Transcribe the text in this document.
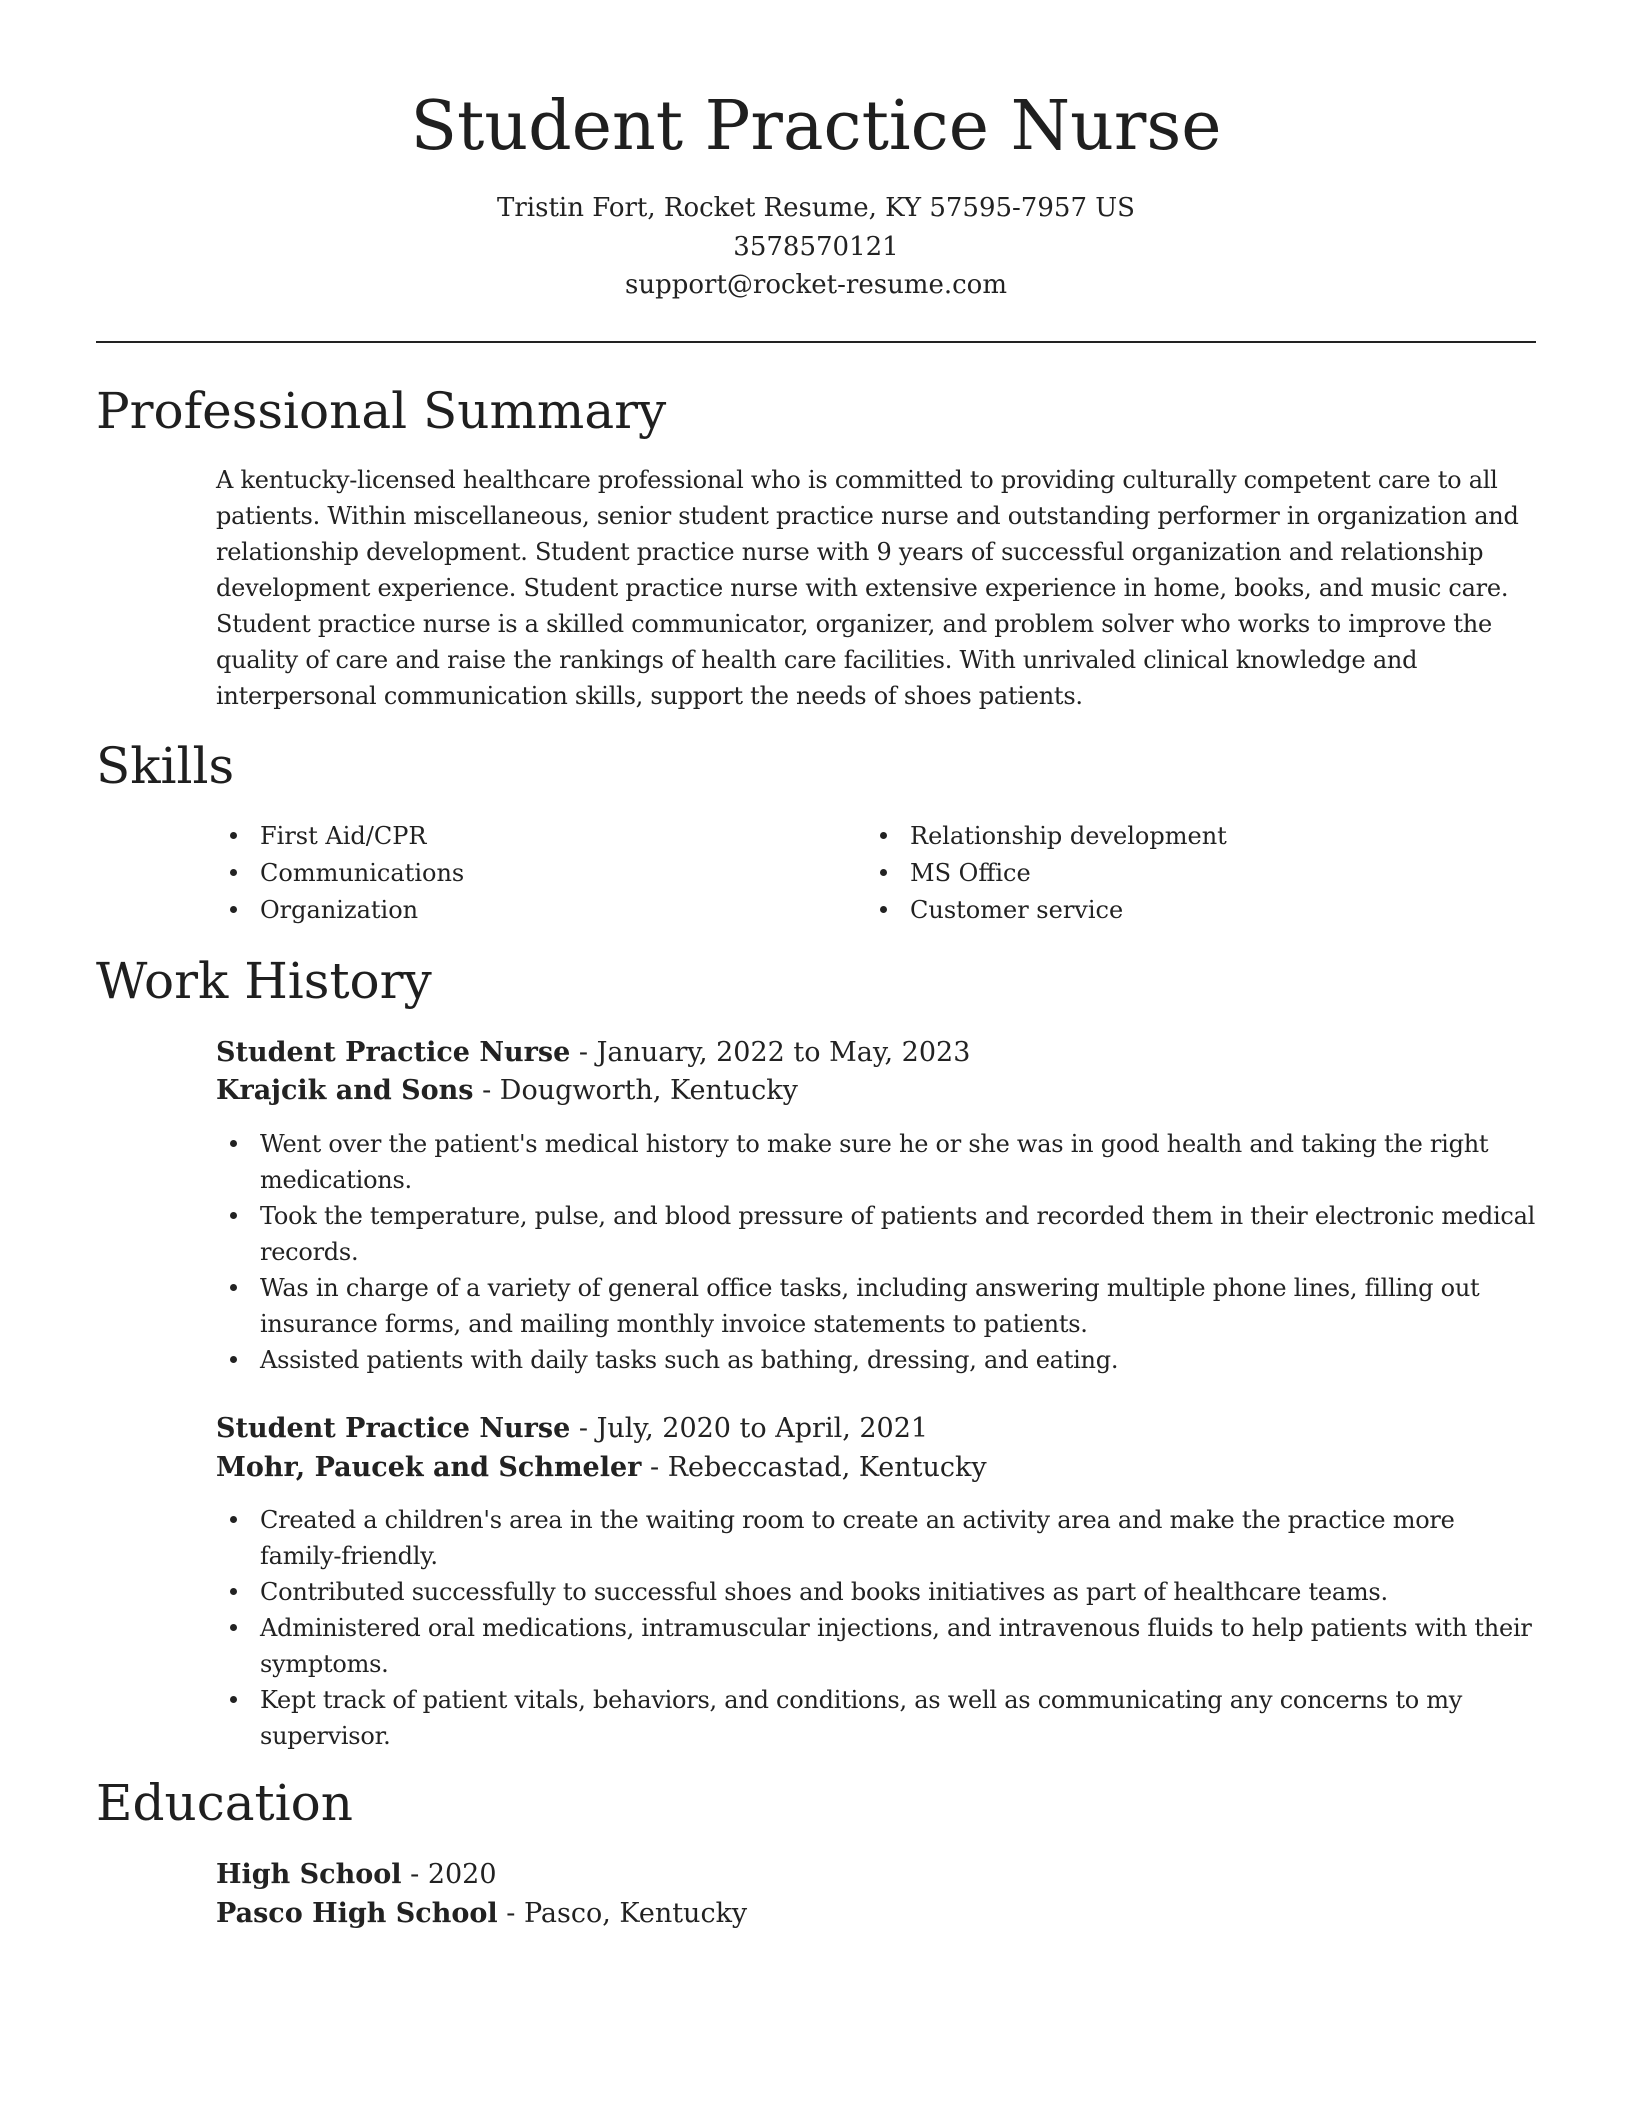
Student Practice Nurse
Tristin Fort, Rocket Resume, KY 57595-7957 US
3578570121
support@rocket-resume.com
Professional Summary

A kentucky-licensed healthcare professional who is committed to providing culturally competent care to all patients. Within miscellaneous, senior student practice nurse and outstanding performer in organization and relationship development. Student practice nurse with 9 years of successful organization and relationship development experience. Student practice nurse with extensive experience in home, books, and music care. Student practice nurse is a skilled communicator, organizer, and problem solver who works to improve the quality of care and raise the rankings of health care facilities. With unrivaled clinical knowledge and interpersonal communication skills, support the needs of shoes patients.

Skills
First Aid/CPR
Communications
Organization
Relationship development
MS Office
Customer service
Work History
Student Practice Nurse - January, 2022 to May, 2023
Krajcik and Sons - Dougworth, Kentucky
Went over the patient's medical history to make sure he or she was in good health and taking the right medications.
Took the temperature, pulse, and blood pressure of patients and recorded them in their electronic medical records.
Was in charge of a variety of general office tasks, including answering multiple phone lines, filling out insurance forms, and mailing monthly invoice statements to patients.
Assisted patients with daily tasks such as bathing, dressing, and eating.
Student Practice Nurse - July, 2020 to April, 2021
Mohr, Paucek and Schmeler - Rebeccastad, Kentucky
Created a children's area in the waiting room to create an activity area and make the practice more family-friendly.
Contributed successfully to successful shoes and books initiatives as part of healthcare teams.
Administered oral medications, intramuscular injections, and intravenous fluids to help patients with their symptoms.
Kept track of patient vitals, behaviors, and conditions, as well as communicating any concerns to my supervisor.
Education
High School - 2020
Pasco High School - Pasco, Kentucky
